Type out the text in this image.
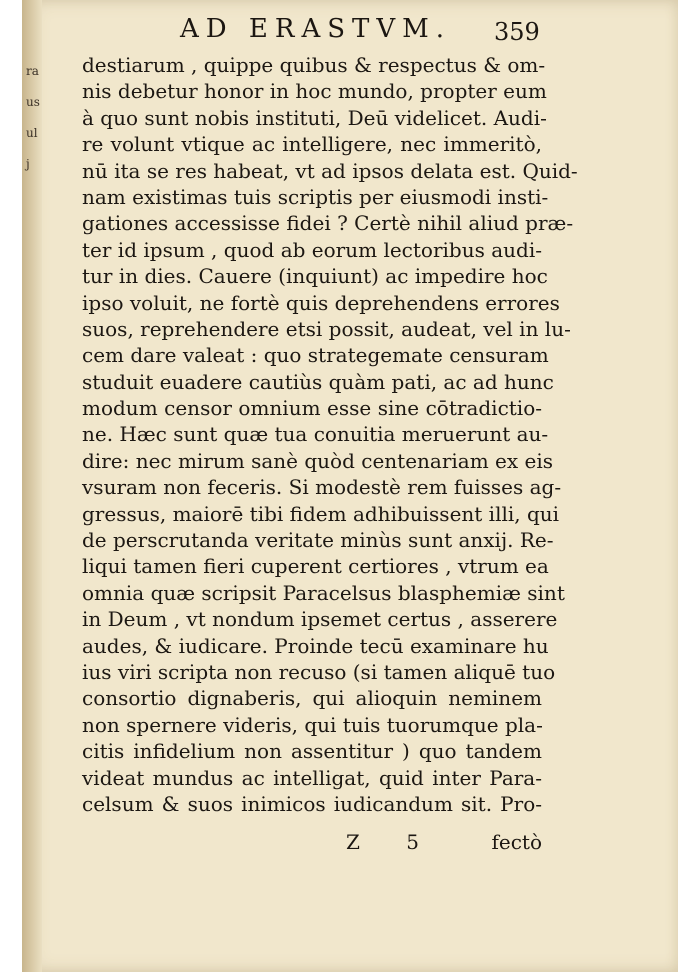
ra
us
ul
j
AD ERASTVM. 359
destiarum , quippe quibus & respectus & om-
nis debetur honor in hoc mundo, propter eum
à quo sunt nobis instituti, Deū videlicet. Audi-
re volunt vtique ac intelligere, nec immeritò,
nū ita se res habeat, vt ad ipsos delata est. Quid-
nam existimas tuis scriptis per eiusmodi insti-
gationes accessisse fidei ? Certè nihil aliud præ-
ter id ipsum , quod ab eorum lectoribus audi-
tur in dies. Cauere (inquiunt) ac impedire hoc
ipso voluit, ne fortè quis deprehendens errores
suos, reprehendere etsi possit, audeat, vel in lu-
cem dare valeat : quo strategemate censuram
studuit euadere cautiùs quàm pati, ac ad hunc
modum censor omnium esse sine cōtradictio-
ne. Hæc sunt quæ tua conuitia meruerunt au-
dire: nec mirum sanè quòd centenariam ex eis
vsuram non feceris. Si modestè rem fuisses ag-
gressus, maiorē tibi fidem adhibuissent illi, qui
de perscrutanda veritate minùs sunt anxij. Re-
liqui tamen fieri cuperent certiores , vtrum ea
omnia quæ scripsit Paracelsus blasphemiæ sint
in Deum , vt nondum ipsemet certus , asserere
audes, & iudicare. Proinde tecū examinare hu
ius viri scripta non recuso (si tamen aliquē tuo
consortio dignaberis, qui alioquin neminem
non spernere videris, qui tuis tuorumque pla-
citis infidelium non assentitur ) quo tandem
videat mundus ac intelligat, quid inter Para-
celsum & suos inimicos iudicandum sit. Pro-
Z 5	fectò
